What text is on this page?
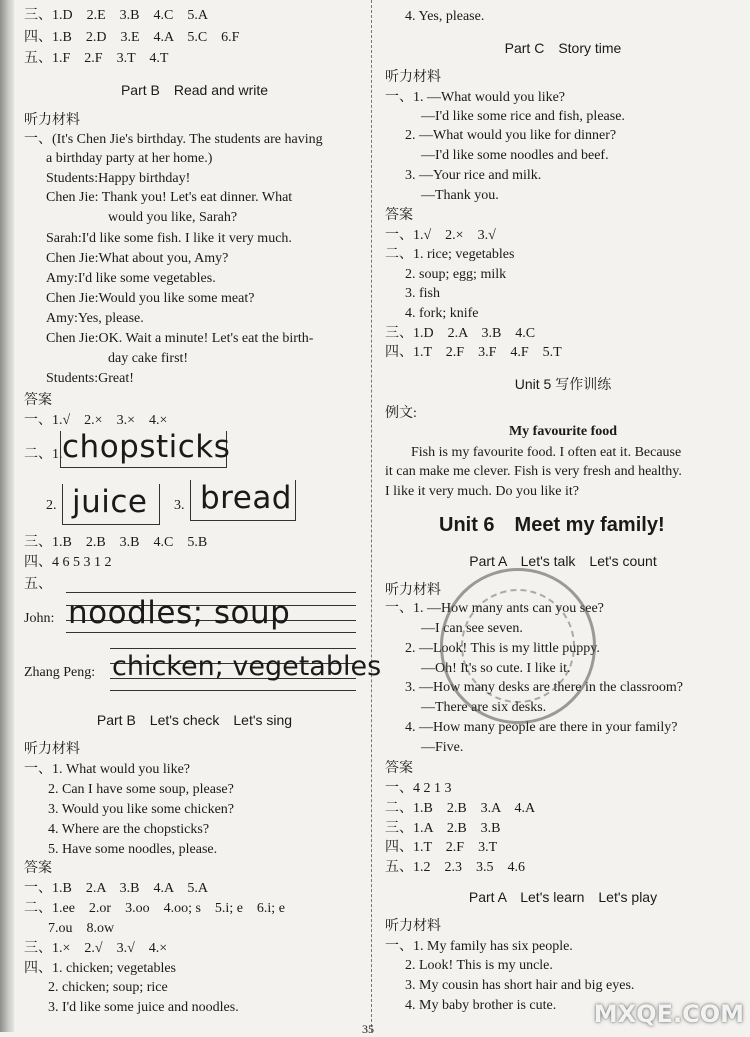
三、1.D　2.E　3.B　4.C　5.A
四、1.B　2.D　3.E　4.A　5.C　6.F
五、1.F　2.F　3.T　4.T
Part B　Read and write
听力材料
一、(It's Chen Jie's birthday. The students are having
a birthday party at her home.)
Students:Happy birthday!
Chen Jie: Thank you! Let's eat dinner. What
would you like, Sarah?
Sarah:I'd like some fish. I like it very much.
Chen Jie:What about you, Amy?
Amy:I'd like some vegetables.
Chen Jie:Would you like some meat?
Amy:Yes, please.
Chen Jie:OK. Wait a minute! Let's eat the birth-
day cake first!
Students:Great!
答案
一、1.√　2.×　3.×　4.×
二、1. chopsticks
2. juice 3. bread
三、1.B　2.B　3.B　4.C　5.B
四、4 6 5 3 1 2
五、
John: noodles; soup
Zhang Peng: chicken; vegetables
Part B　Let's check　Let's sing
听力材料
一、1. What would you like?
2. Can I have some soup, please?
3. Would you like some chicken?
4. Where are the chopsticks?
5. Have some noodles, please.
答案
一、1.B　2.A　3.B　4.A　5.A
二、1.ee　2.or　3.oo　4.oo; s　5.i; e　6.i; e
7.ou　8.ow
三、1.×　2.√　3.√　4.×
四、1. chicken; vegetables
2. chicken; soup; rice
3. I'd like some juice and noodles.
4. Yes, please.
Part C　Story time
听力材料
一、1. —What would you like?
—I'd like some rice and fish, please.
2. —What would you like for dinner?
—I'd like some noodles and beef.
3. —Your rice and milk.
—Thank you.
答案
一、1.√　2.×　3.√
二、1. rice; vegetables
2. soup; egg; milk
3. fish
4. fork; knife
三、1.D　2.A　3.B　4.C
四、1.T　2.F　3.F　4.F　5.T
Unit 5 写作训练
例文:
My favourite food
Fish is my favourite food. I often eat it. Because
it can make me clever. Fish is very fresh and healthy.
I like it very much. Do you like it?
Unit 6　Meet my family!
Part A　Let's talk　Let's count
听力材料
一、1. —How many ants can you see?
—I can see seven.
2. —Look! This is my little puppy.
—Oh! It's so cute. I like it.
3. —How many desks are there in the classroom?
—There are six desks.
4. —How many people are there in your family?
—Five.
答案
一、4 2 1 3
二、1.B　2.B　3.A　4.A
三、1.A　2.B　3.B
四、1.T　2.F　3.T
五、1.2　2.3　3.5　4.6
Part A　Let's learn　Let's play
听力材料
一、1. My family has six people.
2. Look! This is my uncle.
3. My cousin has short hair and big eyes.
4. My baby brother is cute.
35
MXQE.COM
